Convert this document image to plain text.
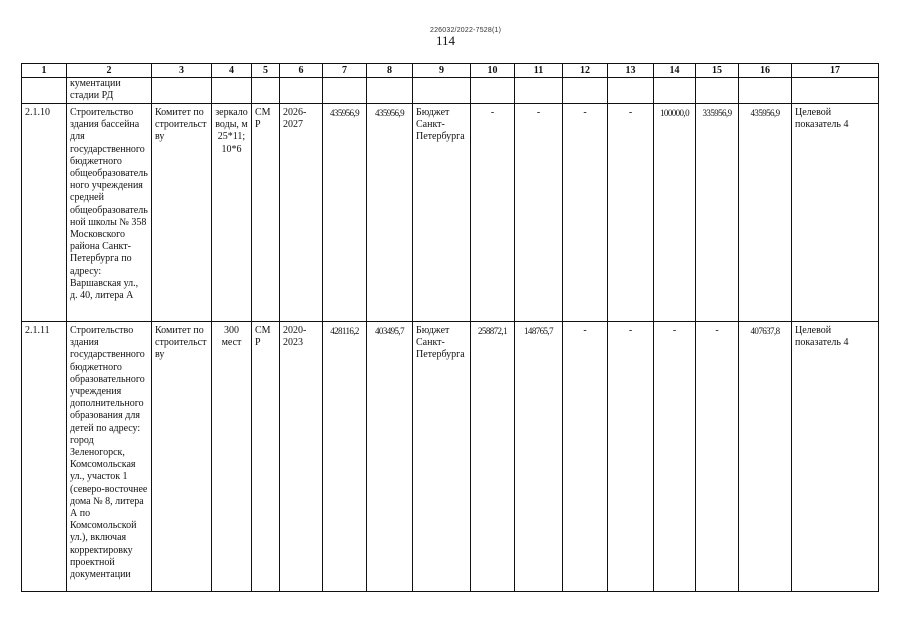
226032/2022-7528(1)
114
1	2	3	4	5	6	7	8	9	10	11	12	13	14	15	16	17
	кументации стадии РД															
2.1.10	Строительство здания бассейна для государственного бюджетного общеобразовательного учреждения средней общеобразовательной школы № 358 Московского района Санкт-Петербурга по адресу: Варшавская ул., д. 40, литера А	Комитет по строительству	зеркало воды, м 25*11; 10*6	СМР	2026-2027	435956,9	435956,9	Бюджет Санкт-Петербурга	-	-	-	-	100000,0	335956,9	435956,9	Целевой показатель 4
2.1.11	Строительство здания государственного бюджетного образовательного учреждения дополнительного образования для детей по адресу: город Зеленогорск, Комсомольская ул., участок 1 (северо-восточнее дома № 8, литера А по Комсомольской ул.), включая корректировку проектной документации	Комитет по строительству	300 мест	СМР	2020-2023	428116,2	403495,7	Бюджет Санкт-Петербурга	258872,1	148765,7	-	-	-	-	407637,8	Целевой показатель 4
